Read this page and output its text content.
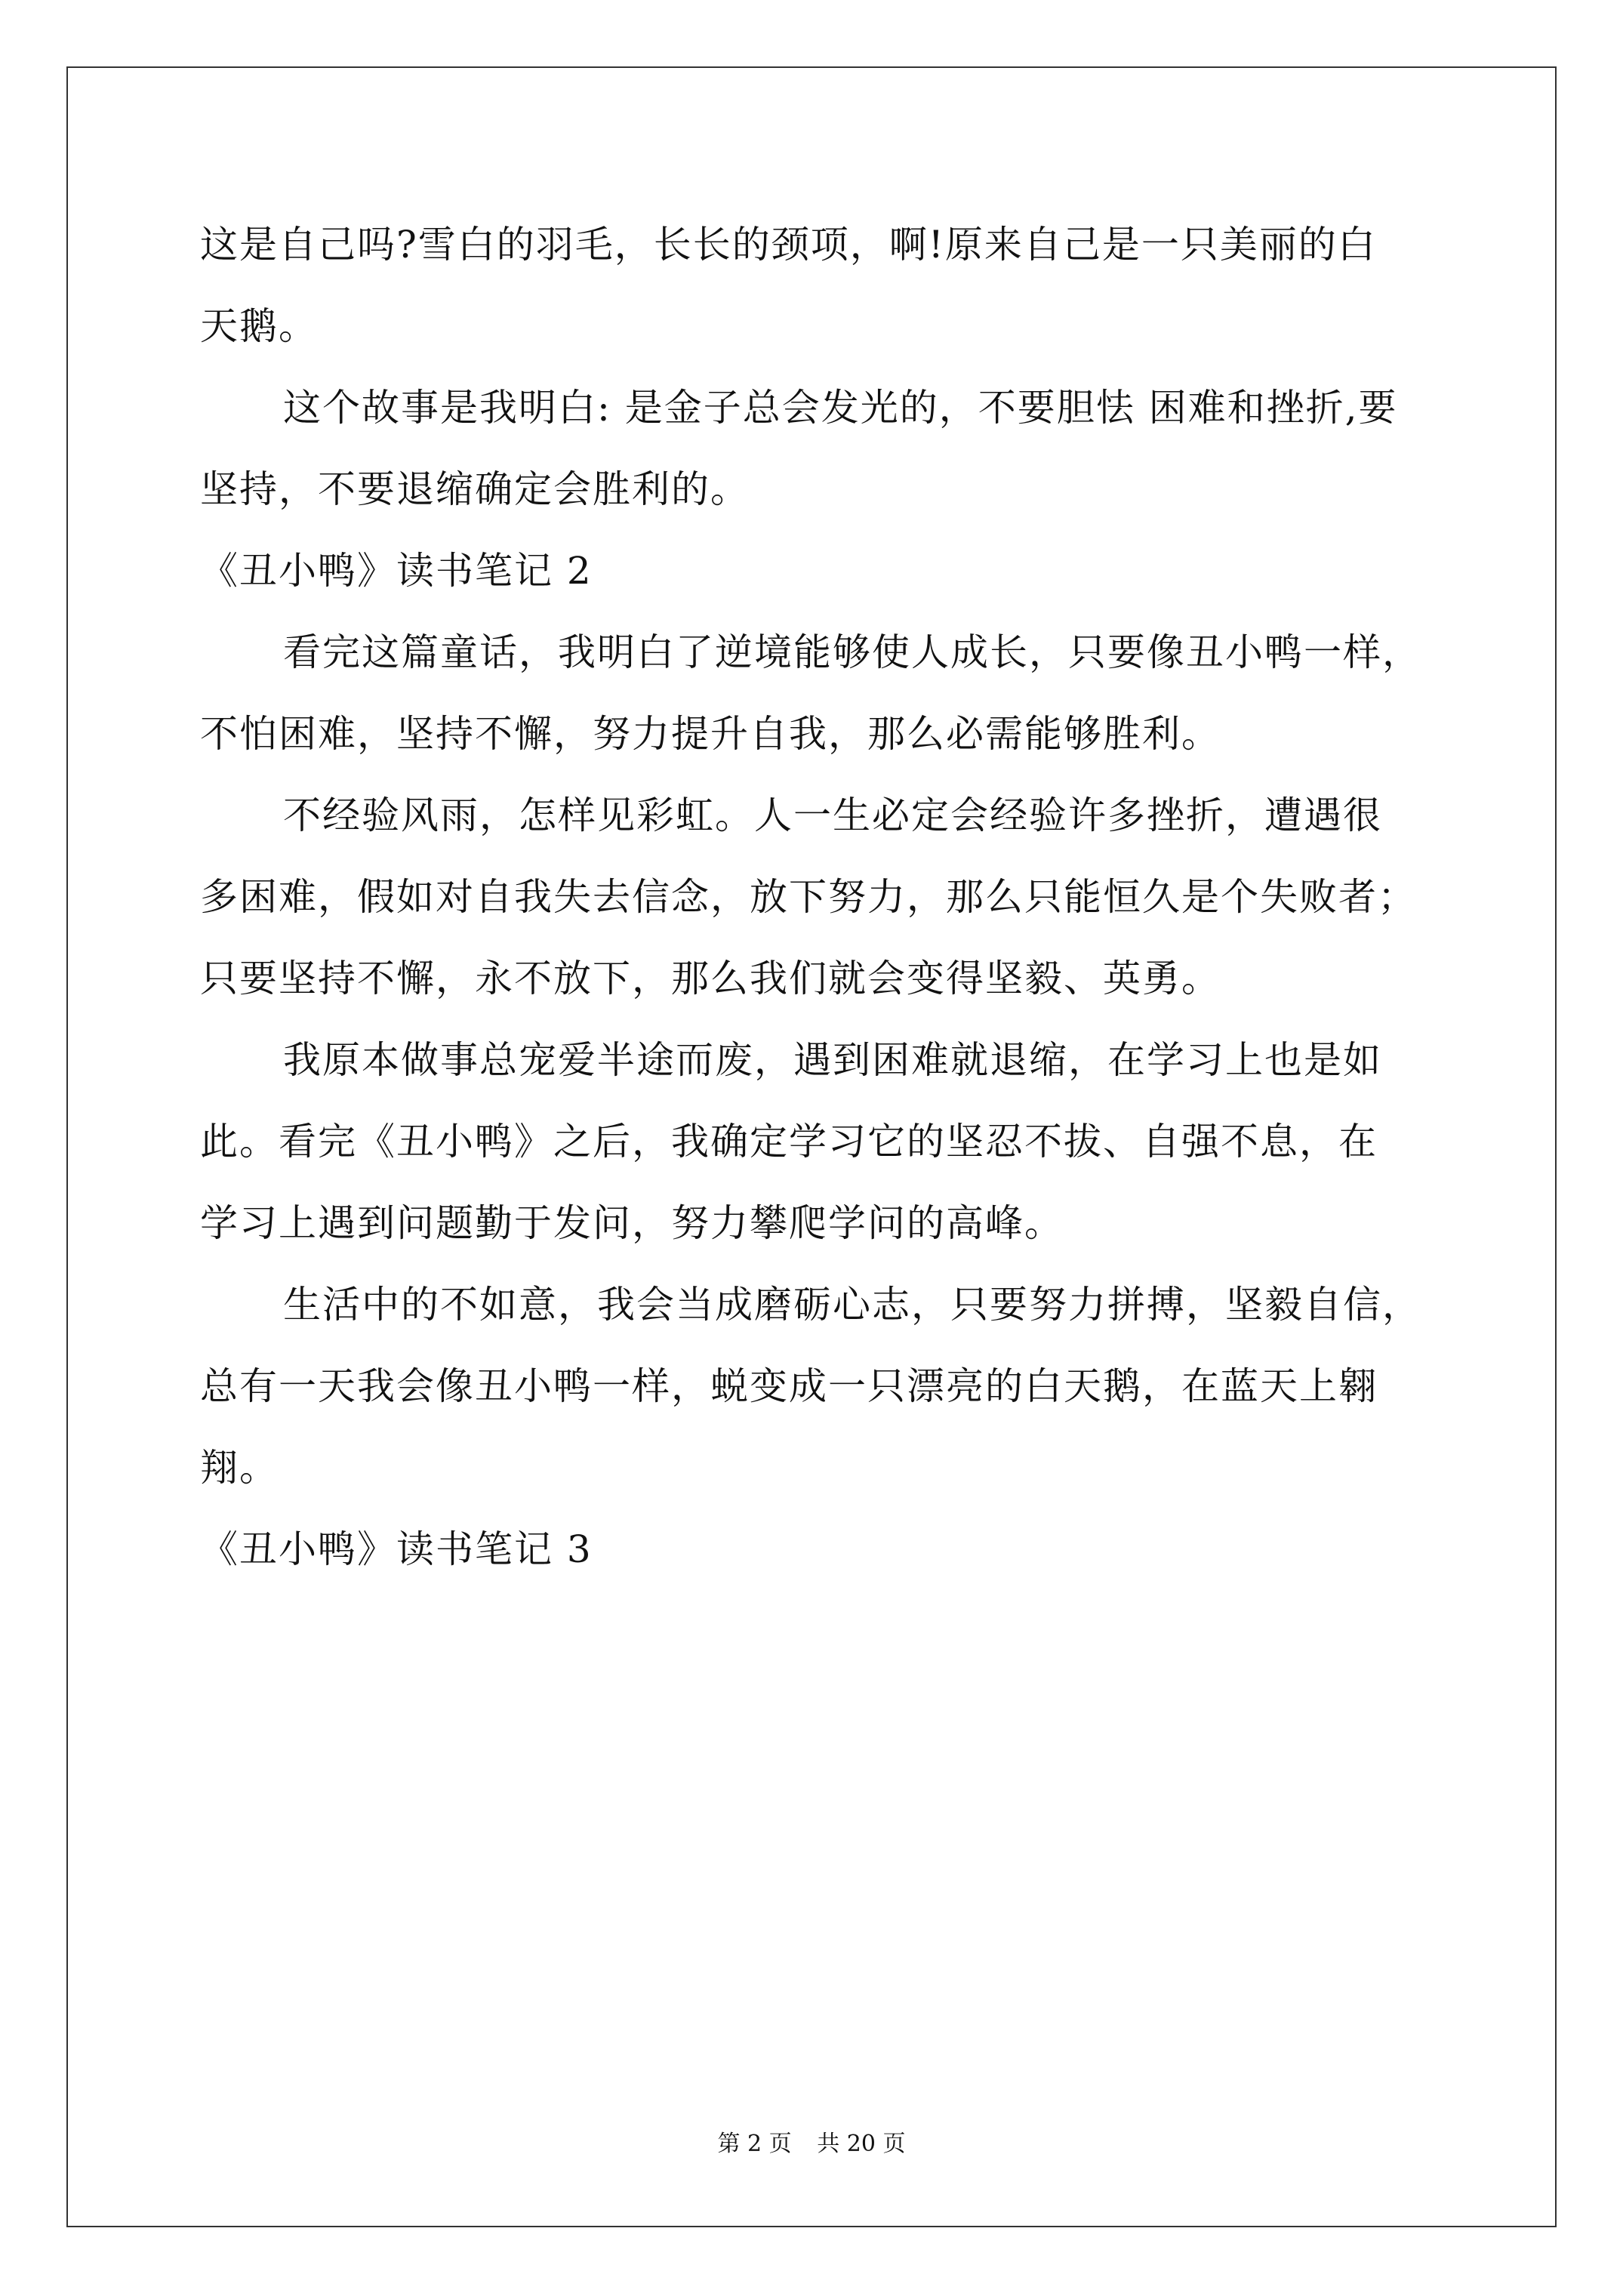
这是自己吗?雪白的羽毛，长长的颈项，啊!原来自己是一只美丽的白
天鹅。
这个故事是我明白: 是金子总会发光的，不要胆怯 困难和挫折,要
坚持，不要退缩确定会胜利的。
《丑小鸭》读书笔记 2
看完这篇童话，我明白了逆境能够使人成长，只要像丑小鸭一样，
不怕困难，坚持不懈，努力提升自我，那么必需能够胜利。
不经验风雨，怎样见彩虹。人一生必定会经验许多挫折，遭遇很
多困难，假如对自我失去信念，放下努力，那么只能恒久是个失败者；
只要坚持不懈，永不放下，那么我们就会变得坚毅、英勇。
我原本做事总宠爱半途而废，遇到困难就退缩，在学习上也是如
此。看完《丑小鸭》之后，我确定学习它的坚忍不拔、自强不息，在
学习上遇到问题勤于发问，努力攀爬学问的高峰。
生活中的不如意，我会当成磨砺心志，只要努力拼搏，坚毅自信，
总有一天我会像丑小鸭一样，蜕变成一只漂亮的白天鹅，在蓝天上翱
翔。
《丑小鸭》读书笔记 3
第 2 页 共 20 页
